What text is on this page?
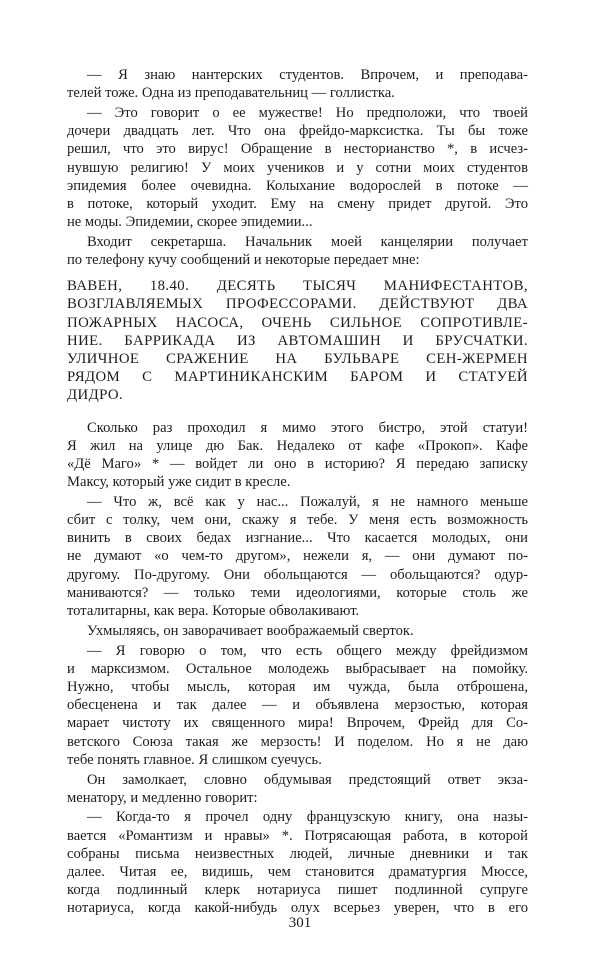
— Я знаю нантерских студентов. Впрочем, и преподава-
телей тоже. Одна из преподавательниц — голлистка.
— Это говорит о ее мужестве! Но предположи, что твоей
дочери двадцать лет. Что она фрейдо-марксистка. Ты бы тоже
решил, что это вирус! Обращение в несторианство *, в исчез-
нувшую религию! У моих учеников и у сотни моих студентов
эпидемия более очевидна. Колыхание водорослей в потоке —
в потоке, который уходит. Ему на смену придет другой. Это
не моды. Эпидемии, скорее эпидемии...
Входит секретарша. Начальник моей канцелярии получает
по телефону кучу сообщений и некоторые передает мне:
ВАВЕН, 18.40. ДЕСЯТЬ ТЫСЯЧ МАНИФЕСТАНТОВ,
ВОЗГЛАВЛЯЕМЫХ ПРОФЕССОРАМИ. ДЕЙСТВУЮТ ДВА
ПОЖАРНЫХ НАСОСА, ОЧЕНЬ СИЛЬНОЕ СОПРОТИВЛЕ-
НИЕ. БАРРИКАДА ИЗ АВТОМАШИН И БРУСЧАТКИ.
УЛИЧНОЕ СРАЖЕНИЕ НА БУЛЬВАРЕ СЕН-ЖЕРМЕН
РЯДОМ С МАРТИНИКАНСКИМ БАРОМ И СТАТУЕЙ
ДИДРО.
Сколько раз проходил я мимо этого бистро, этой статуи!
Я жил на улице дю Бак. Недалеко от кафе «Прокоп». Кафе
«Дё Маго» * — войдет ли оно в историю? Я передаю записку
Максу, который уже сидит в кресле.
— Что ж, всё как у нас... Пожалуй, я не намного меньше
сбит с толку, чем они, скажу я тебе. У меня есть возможность
винить в своих бедах изгнание... Что касается молодых, они
не думают «о чем-то другом», нежели я, — они думают по-
другому. По-другому. Они обольщаются — обольщаются? одур-
маниваются? — только теми идеологиями, которые столь же
тоталитарны, как вера. Которые обволакивают.
Ухмыляясь, он заворачивает воображаемый сверток.
— Я говорю о том, что есть общего между фрейдизмом
и марксизмом. Остальное молодежь выбрасывает на помойку.
Нужно, чтобы мысль, которая им чужда, была отброшена,
обесценена и так далее — и объявлена мерзостью, которая
марает чистоту их священного мира! Впрочем, Фрейд для Со-
ветского Союза такая же мерзость! И поделом. Но я не даю
тебе понять главное. Я слишком суечусь.
Он замолкает, словно обдумывая предстоящий ответ экза-
менатору, и медленно говорит:
— Когда-то я прочел одну французскую книгу, она назы-
вается «Романтизм и нравы» *. Потрясающая работа, в которой
собраны письма неизвестных людей, личные дневники и так
далее. Читая ее, видишь, чем становится драматургия Мюссе,
когда подлинный клерк нотариуса пишет подлинной супруге
нотариуса, когда какой-нибудь олух всерьез уверен, что в его
301
